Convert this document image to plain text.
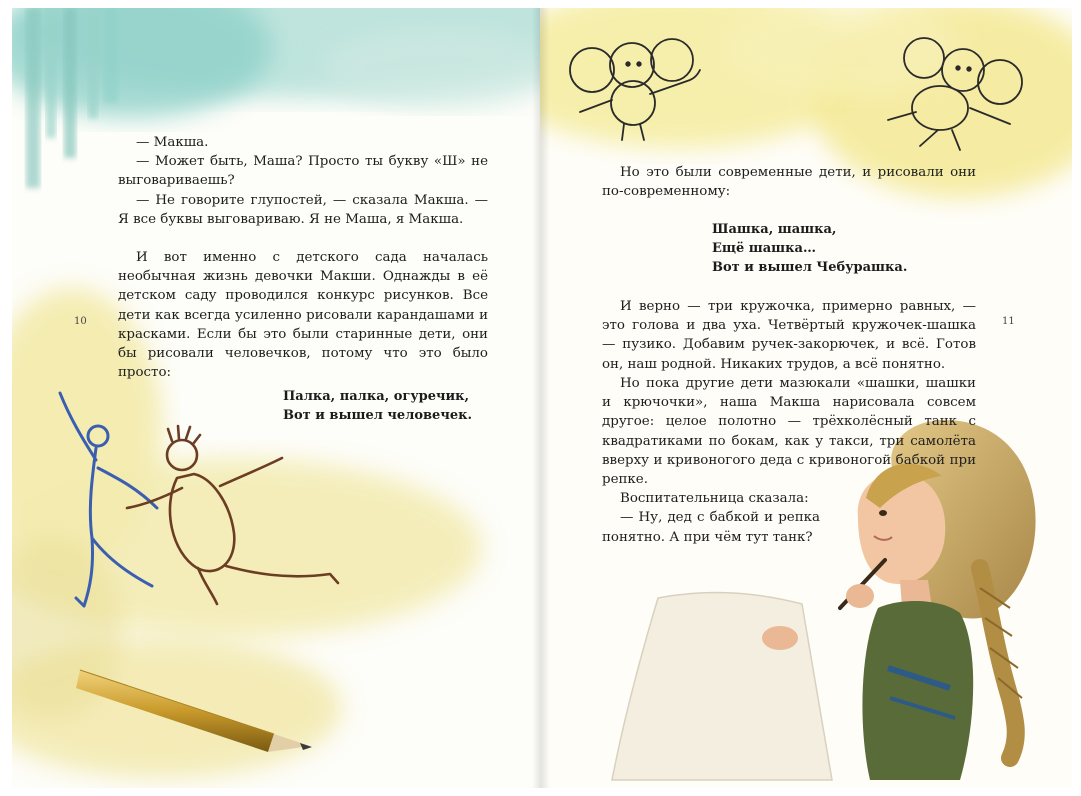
10

— Макша.

— Может быть, Маша? Просто ты букву «Ш» не выговариваешь?

— Не говорите глупостей, — сказала Макша. — Я все буквы выговариваю. Я не Маша, я Макша.

И вот именно с детского сада началась необычная жизнь девочки Макши. Однажды в её детском саду проводился конкурс рисунков. Все дети как всегда усиленно рисовали карандашами и красками. Если бы это были старинные дети, они бы рисовали человечков, потому что это было просто:

Палка, палка, огуречик,
Вот и вышел человечек.
11

Но это были современные дети, и рисовали они по-современному:

Шашка, шашка,
Ещё шашка…
Вот и вышел Чебурашка.

И верно — три кружочка, примерно равных, — это голова и два уха. Четвёртый кружочек-шашка — пузико. Добавим ручек-закорючек, и всё. Готов он, наш родной. Никаких трудов, а всё понятно.

Но пока другие дети мазюкали «шашки, шашки и крючочки», наша Макша нарисовала совсем другое: целое полотно — трёхколёсный танк с квадратиками по бокам, как у такси, три самолёта вверху и кривоногого деда с кривоногой бабкой при репке.

Воспитательница сказала:

— Ну, дед с бабкой и репка понятно. А при чём тут танк?
